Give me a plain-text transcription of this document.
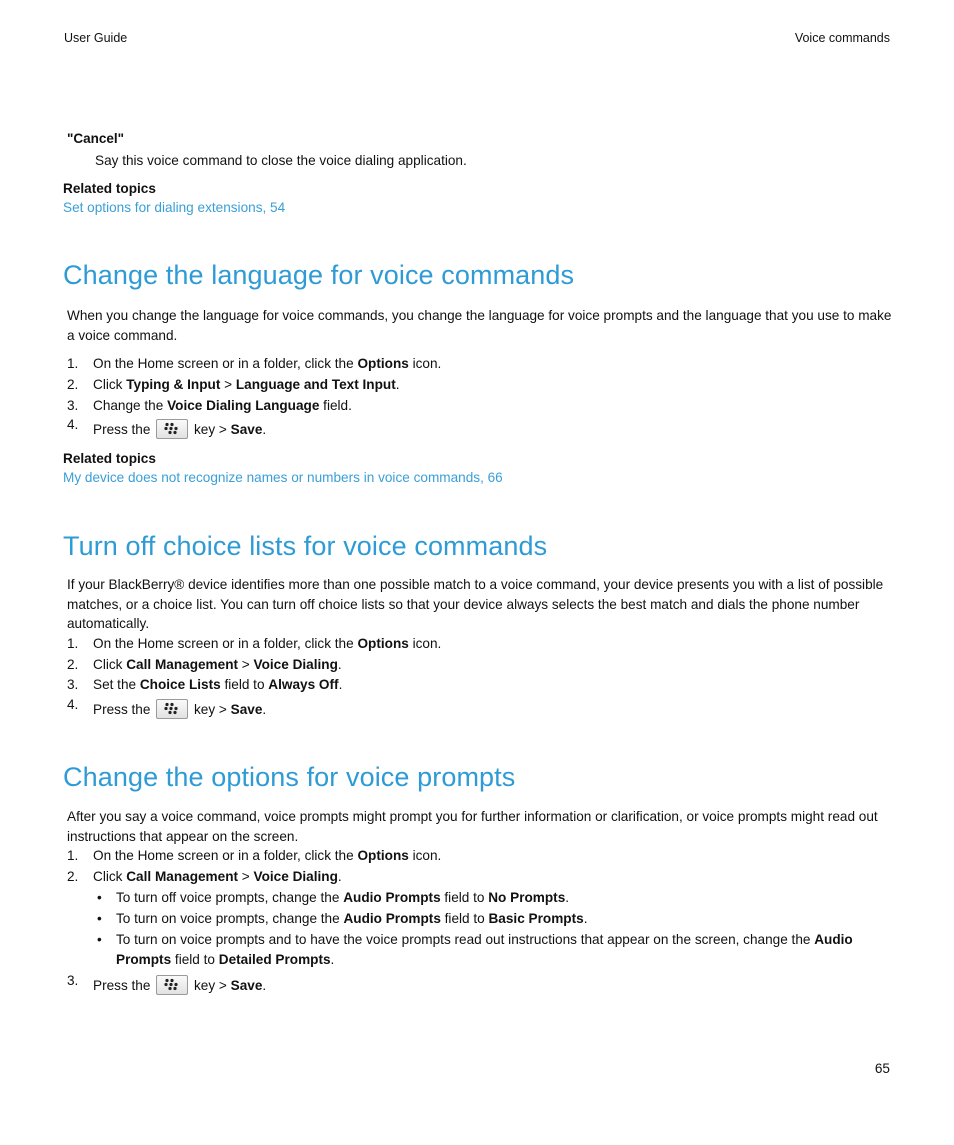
User Guide	Voice commands
"Cancel"
Say this voice command to close the voice dialing application.
Related topics
Set options for dialing extensions, 54
Change the language for voice commands
When you change the language for voice commands, you change the language for voice prompts and the language that you use to make a voice command.
1.	On the Home screen or in a folder, click the Options icon.
2.	Click Typing & Input > Language and Text Input.
3.	Change the Voice Dialing Language field.
4.	Press the	key > Save.
Related topics
My device does not recognize names or numbers in voice commands, 66
Turn off choice lists for voice commands
If your BlackBerry® device identifies more than one possible match to a voice command, your device presents you with a list of possible matches, or a choice list. You can turn off choice lists so that your device always selects the best match and dials the phone number automatically.
1.	On the Home screen or in a folder, click the Options icon.
2.	Click Call Management > Voice Dialing.
3.	Set the Choice Lists field to Always Off.
4.	Press the	key > Save.
Change the options for voice prompts
After you say a voice command, voice prompts might prompt you for further information or clarification, or voice prompts might read out instructions that appear on the screen.
1.	On the Home screen or in a folder, click the Options icon.
2.	Click Call Management > Voice Dialing.
• To turn off voice prompts, change the Audio Prompts field to No Prompts.
• To turn on voice prompts, change the Audio Prompts field to Basic Prompts.
• To turn on voice prompts and to have the voice prompts read out instructions that appear on the screen, change the Audio Prompts field to Detailed Prompts.
3.	Press the	key > Save.
65
